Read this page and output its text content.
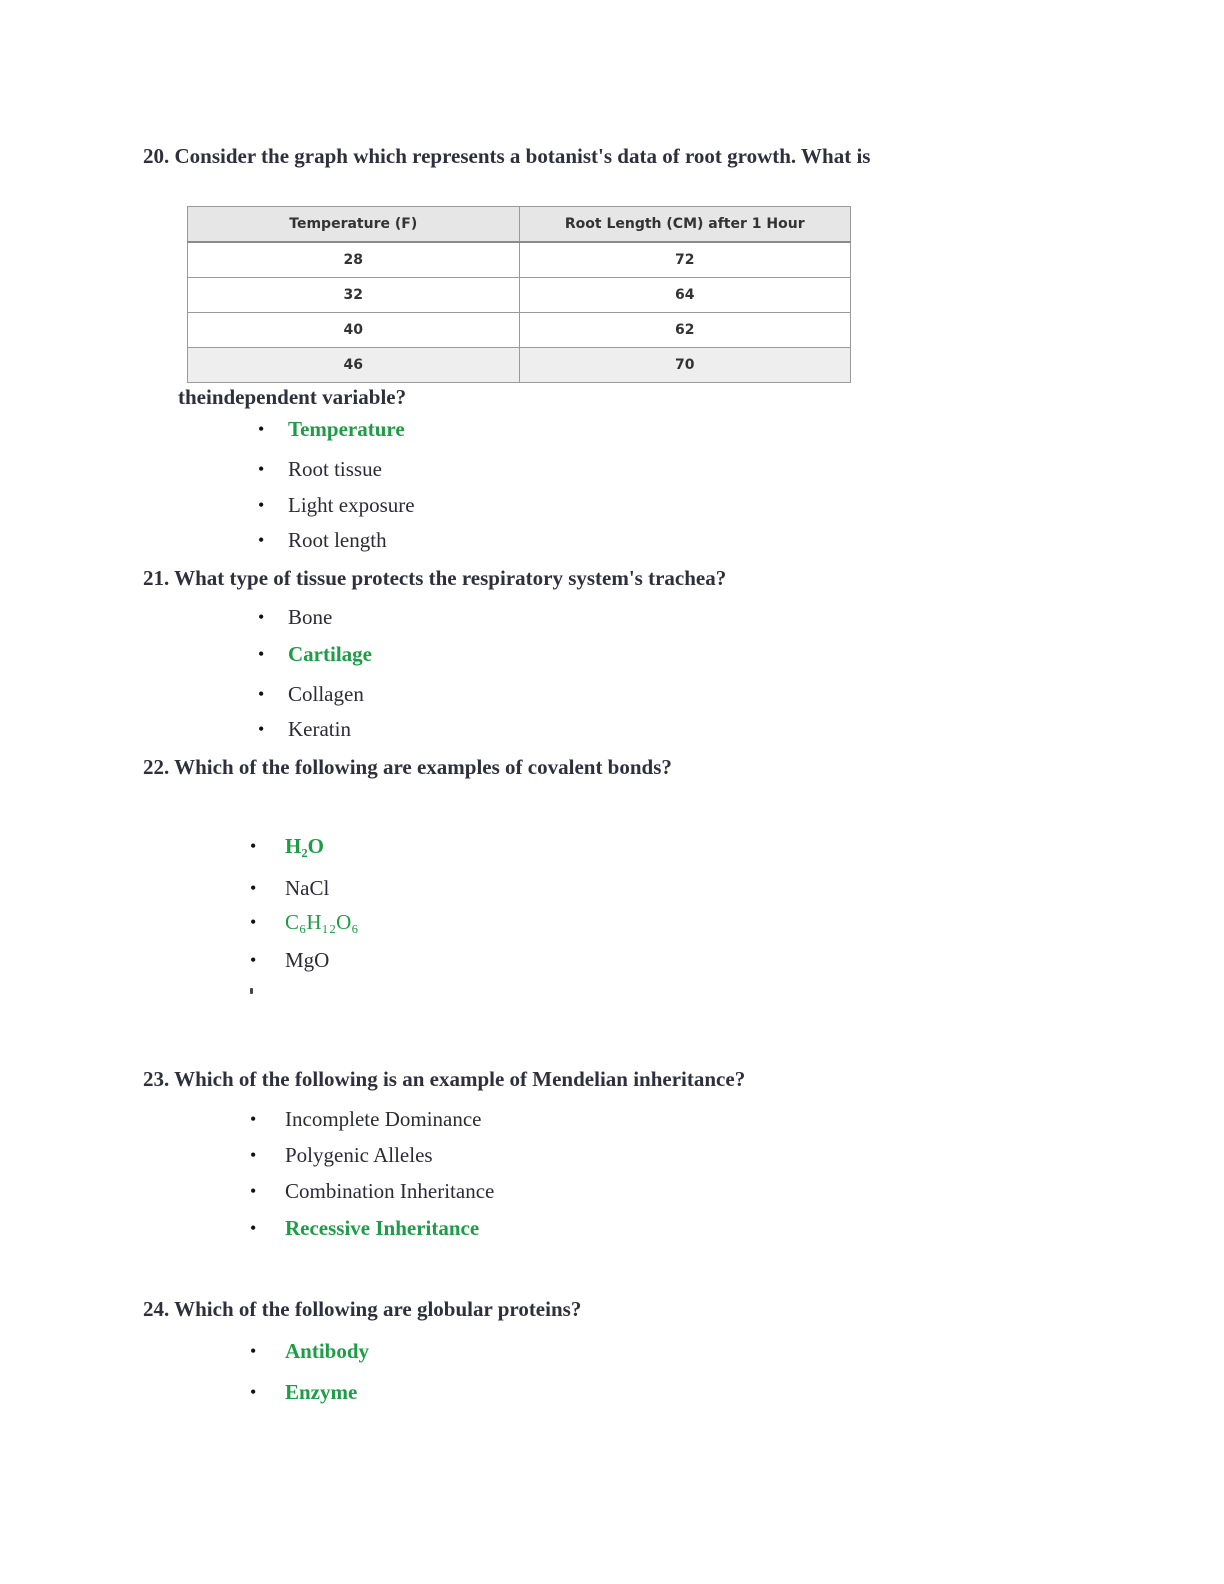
20. Consider the graph which represents a botanist's data of root growth. What is

Temperature (F)	Root Length (CM) after 1 Hour
28	72
32	64
40	62
46	70

theindependent variable?

• Temperature
• Root tissue
• Light exposure
• Root length

21. What type of tissue protects the respiratory system's trachea?

• Bone
• Cartilage
• Collagen
• Keratin

22. Which of the following are examples of covalent bonds?

• H₂O
• NaCl
• C₆H₁₂O₆
• MgO

23. Which of the following is an example of Mendelian inheritance?

• Incomplete Dominance
• Polygenic Alleles
• Combination Inheritance
• Recessive Inheritance

24. Which of the following are globular proteins?

• Antibody
• Enzyme
